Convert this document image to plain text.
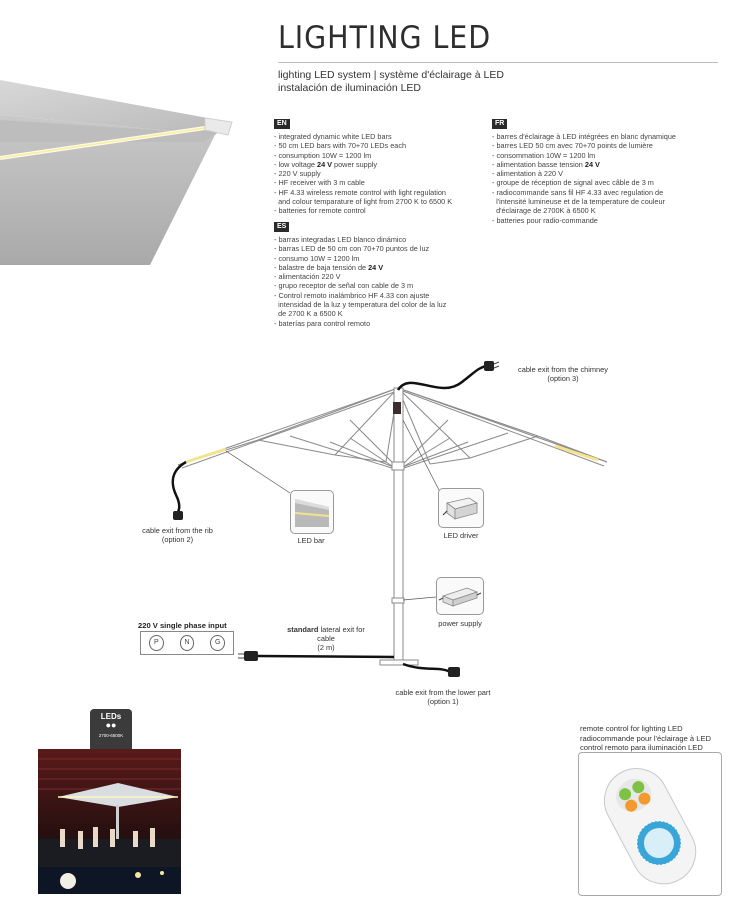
LIGHTING LED
lighting LED system | système d'éclairage à LED
instalación de iluminación LED
EN
- integrated dynamic white LED bars
- 50 cm LED bars with 70+70 LEDs each
- consumption 10W = 1200 lm
- low voltage 24 V power supply
- 220 V supply
- HF receiver with 3 m cable
- HF 4.33 wireless remote control with light regulation
and colour temparature of light from 2700 K to 6500 K
- batteries for remote control
ES
- barras integradas LED blanco dinámico
- barras LED de 50 cm con 70+70 puntos de luz
- consumo 10W = 1200 lm
- balastre de baja tensión de 24 V
- alimentación 220 V
- grupo receptor de señal con cable de 3 m
- Control remoto inalámbrico HF 4.33 con ajuste
intensidad de la luz y temperatura del color de la luz
de 2700 K a 6500 K
- baterías para control remoto
FR
- barres d'éclairage à LED intégrées en blanc dynamique
- barres LED 50 cm avec 70+70 points de lumière
- consommation 10W = 1200 lm
- alimentation basse tension 24 V
- alimentation à 220 V
- groupe de réception de signal avec câble de 3 m
- radiocommande sans fil HF 4.33 avec regulation de
l'intensité lumineuse et de la temperature de couleur
d'éclairage de 2700K à 6500 K
- batteries pour radio-commande
cable exit from the chimney
(option 3)
cable exit from the rib
(option 2)	LED bar
LED driver
power supply
220 V single phase input
P	N	G
standard lateral exit for
cable
(2 m)
cable exit from the lower part
(option 1)
LEDs
●●
2700-6500K
remote control for lighting LED
radiocommande pour l'éclairage à LED
control remoto para iluminación LED
